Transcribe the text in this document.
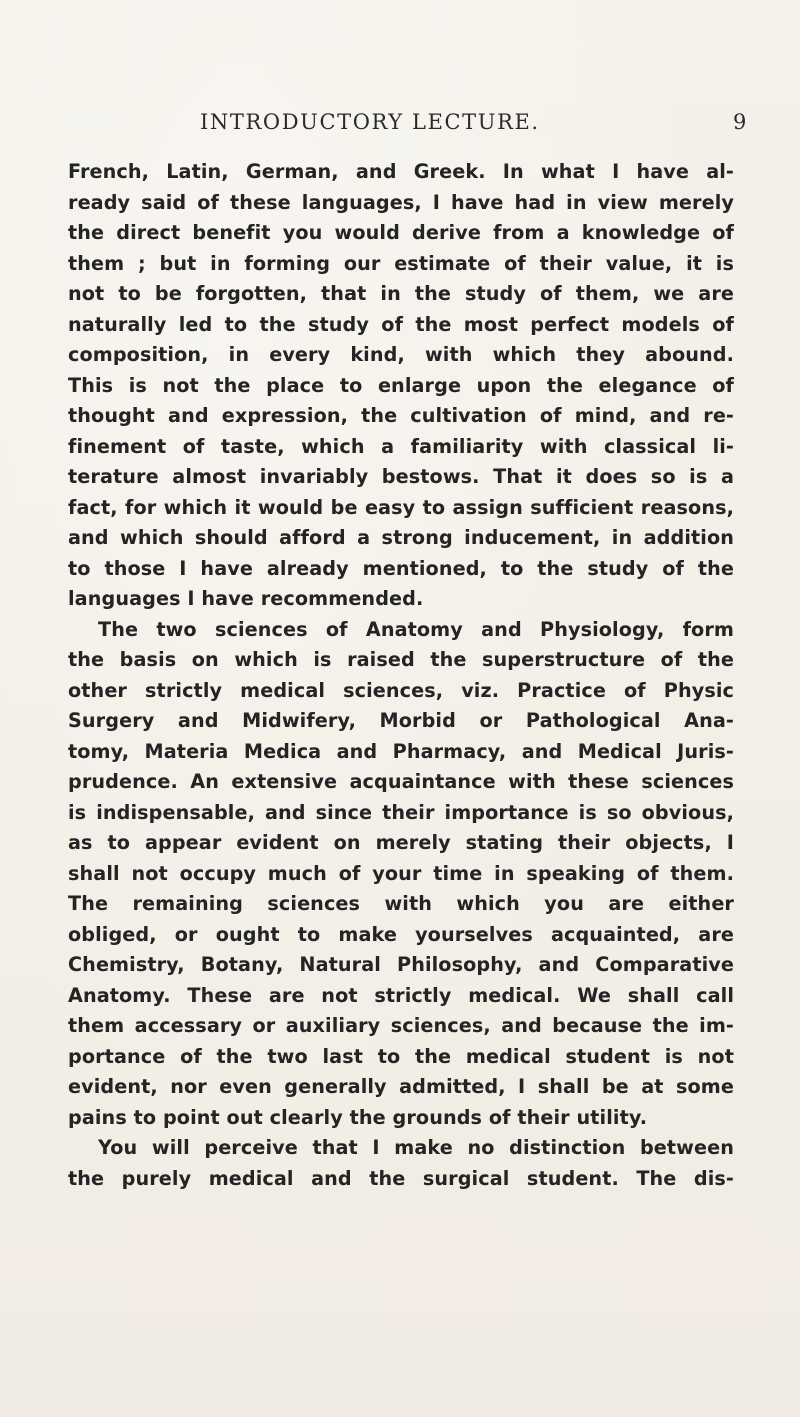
INTRODUCTORY LECTURE.	9
French, Latin, German, and Greek. In what I have al-
ready said of these languages, I have had in view merely
the direct benefit you would derive from a knowledge of
them ; but in forming our estimate of their value, it is
not to be forgotten, that in the study of them, we are
naturally led to the study of the most perfect models of
composition, in every kind, with which they abound.
This is not the place to enlarge upon the elegance of
thought and expression, the cultivation of mind, and re-
finement of taste, which a familiarity with classical li-
terature almost invariably bestows. That it does so is a
fact, for which it would be easy to assign sufficient reasons,
and which should afford a strong inducement, in addition
to those I have already mentioned, to the study of the
languages I have recommended.
The two sciences of Anatomy and Physiology, form
the basis on which is raised the superstructure of the
other strictly medical sciences, viz. Practice of Physic
Surgery and Midwifery, Morbid or Pathological Ana-
tomy, Materia Medica and Pharmacy, and Medical Juris-
prudence. An extensive acquaintance with these sciences
is indispensable, and since their importance is so obvious,
as to appear evident on merely stating their objects, I
shall not occupy much of your time in speaking of them.
The remaining sciences with which you are either
obliged, or ought to make yourselves acquainted, are
Chemistry, Botany, Natural Philosophy, and Comparative
Anatomy. These are not strictly medical. We shall call
them accessary or auxiliary sciences, and because the im-
portance of the two last to the medical student is not
evident, nor even generally admitted, I shall be at some
pains to point out clearly the grounds of their utility.
You will perceive that I make no distinction between
the purely medical and the surgical student. The dis-
